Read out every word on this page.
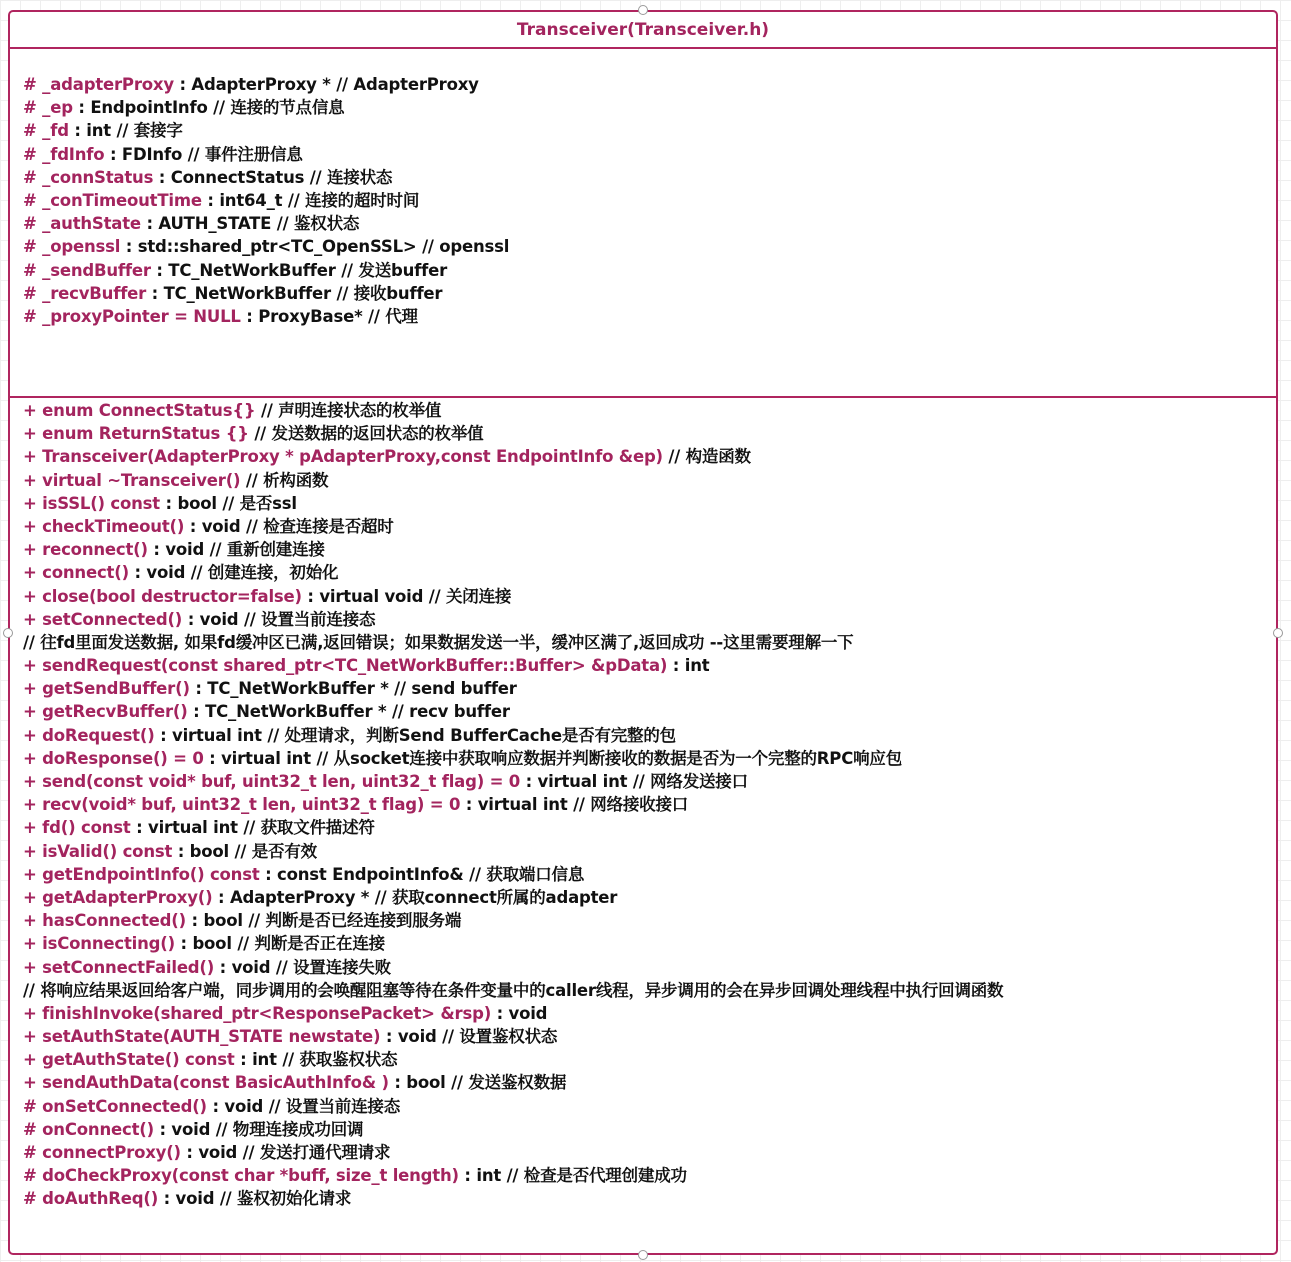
Transceiver(Transceiver.h)
# _adapterProxy : AdapterProxy * // AdapterProxy
# _ep : EndpointInfo // 连接的节点信息
# _fd : int // 套接字
# _fdInfo : FDInfo // 事件注册信息
# _connStatus : ConnectStatus // 连接状态
# _conTimeoutTime : int64_t // 连接的超时时间
# _authState : AUTH_STATE // 鉴权状态
# _openssl : std::shared_ptr<TC_OpenSSL> // openssl
# _sendBuffer : TC_NetWorkBuffer // 发送buffer
# _recvBuffer : TC_NetWorkBuffer // 接收buffer
# _proxyPointer = NULL : ProxyBase* // 代理
+ enum ConnectStatus{} // 声明连接状态的枚举值
+ enum ReturnStatus {} // 发送数据的返回状态的枚举值
+ Transceiver(AdapterProxy * pAdapterProxy,const EndpointInfo &ep) // 构造函数
+ virtual ~Transceiver() // 析构函数
+ isSSL() const : bool // 是否ssl
+ checkTimeout() : void // 检查连接是否超时
+ reconnect() : void // 重新创建连接
+ connect() : void // 创建连接，初始化
+ close(bool destructor=false) : virtual void // 关闭连接
+ setConnected() : void // 设置当前连接态
// 往fd里面发送数据, 如果fd缓冲区已满,返回错误；如果数据发送一半，缓冲区满了,返回成功 --这里需要理解一下
+ sendRequest(const shared_ptr<TC_NetWorkBuffer::Buffer> &pData) : int
+ getSendBuffer() : TC_NetWorkBuffer * // send buffer
+ getRecvBuffer() : TC_NetWorkBuffer * // recv buffer
+ doRequest() : virtual int // 处理请求，判断Send BufferCache是否有完整的包
+ doResponse() = 0 : virtual int // 从socket连接中获取响应数据并判断接收的数据是否为一个完整的RPC响应包
+ send(const void* buf, uint32_t len, uint32_t flag) = 0 : virtual int // 网络发送接口
+ recv(void* buf, uint32_t len, uint32_t flag) = 0 : virtual int // 网络接收接口
+ fd() const : virtual int // 获取文件描述符
+ isValid() const : bool // 是否有效
+ getEndpointInfo() const : const EndpointInfo& // 获取端口信息
+ getAdapterProxy() : AdapterProxy * // 获取connect所属的adapter
+ hasConnected() : bool // 判断是否已经连接到服务端
+ isConnecting() : bool // 判断是否正在连接
+ setConnectFailed() : void // 设置连接失败
// 将响应结果返回给客户端，同步调用的会唤醒阻塞等待在条件变量中的caller线程，异步调用的会在异步回调处理线程中执行回调函数
+ finishInvoke(shared_ptr<ResponsePacket> &rsp) : void
+ setAuthState(AUTH_STATE newstate) : void // 设置鉴权状态
+ getAuthState() const : int // 获取鉴权状态
+ sendAuthData(const BasicAuthInfo& ) : bool // 发送鉴权数据
# onSetConnected() : void // 设置当前连接态
# onConnect() : void // 物理连接成功回调
# connectProxy() : void // 发送打通代理请求
# doCheckProxy(const char *buff, size_t length) : int // 检查是否代理创建成功
# doAuthReq() : void // 鉴权初始化请求
